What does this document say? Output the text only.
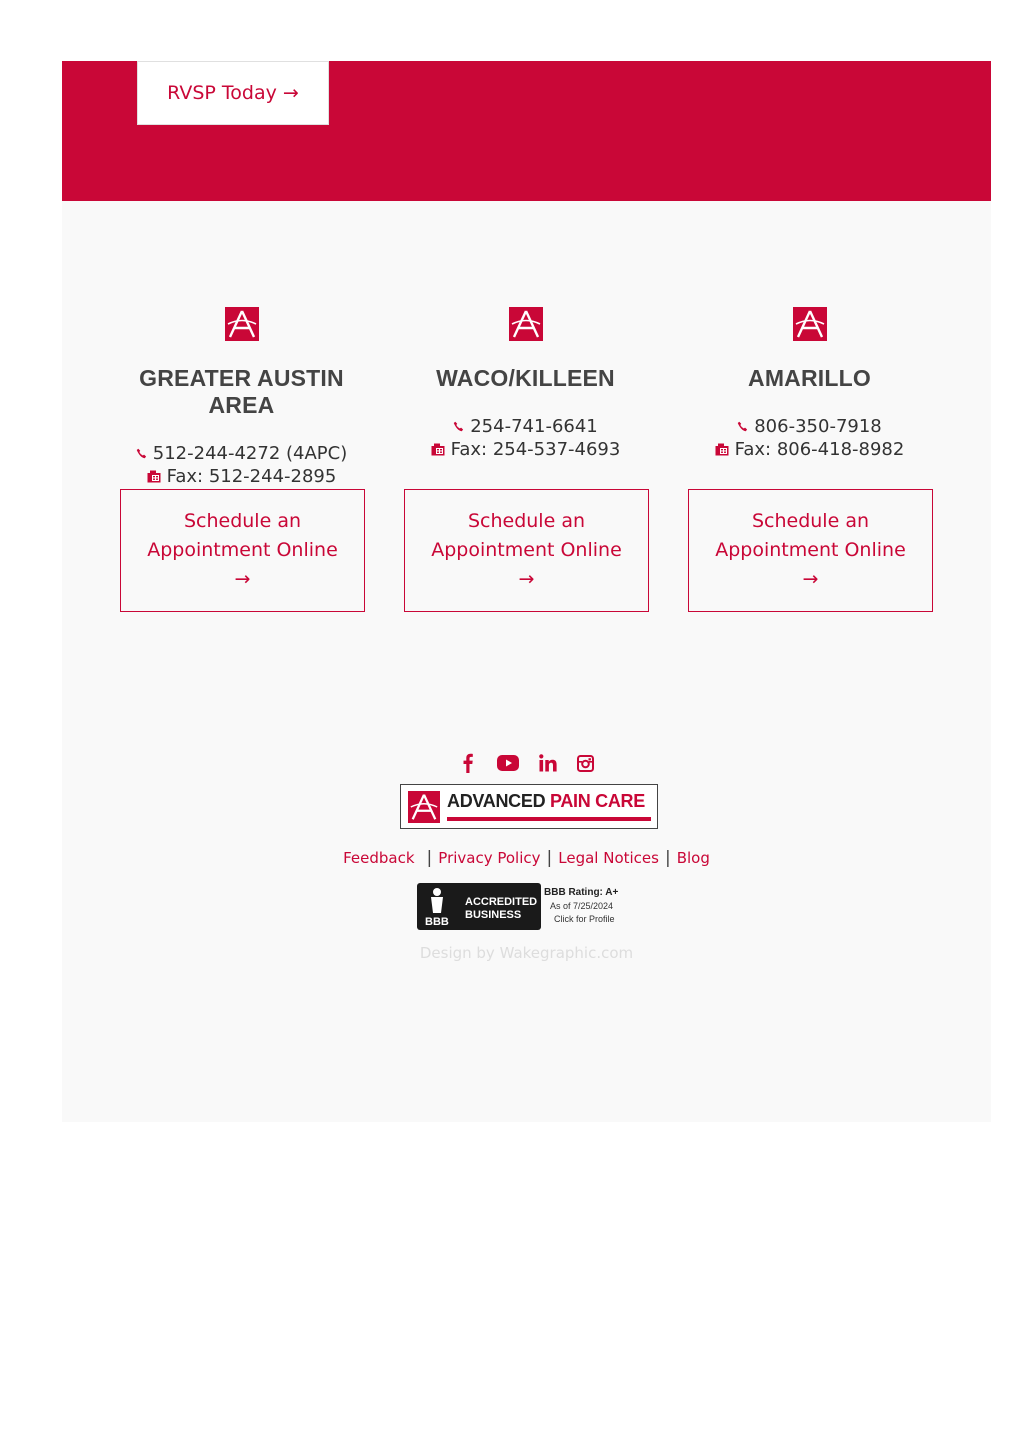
RVSP Today →
GREATER AUSTIN AREA
512-244-4272 (4APC)
Fax: 512-244-2895
Schedule an
Appointment Online
→
WACO/KILLEEN
254-741-6641
Fax: 254-537-4693
Schedule an
Appointment Online
→
AMARILLO
806-350-7918
Fax: 806-418-8982
Schedule an
Appointment Online
→
ADVANCED PAIN CARE
Feedback | Privacy Policy | Legal Notices | Blog
BBB
ACCREDITED
BUSINESS
BBB Rating: A+
As of 7/25/2024
Click for Profile
Design by Wakegraphic.com
